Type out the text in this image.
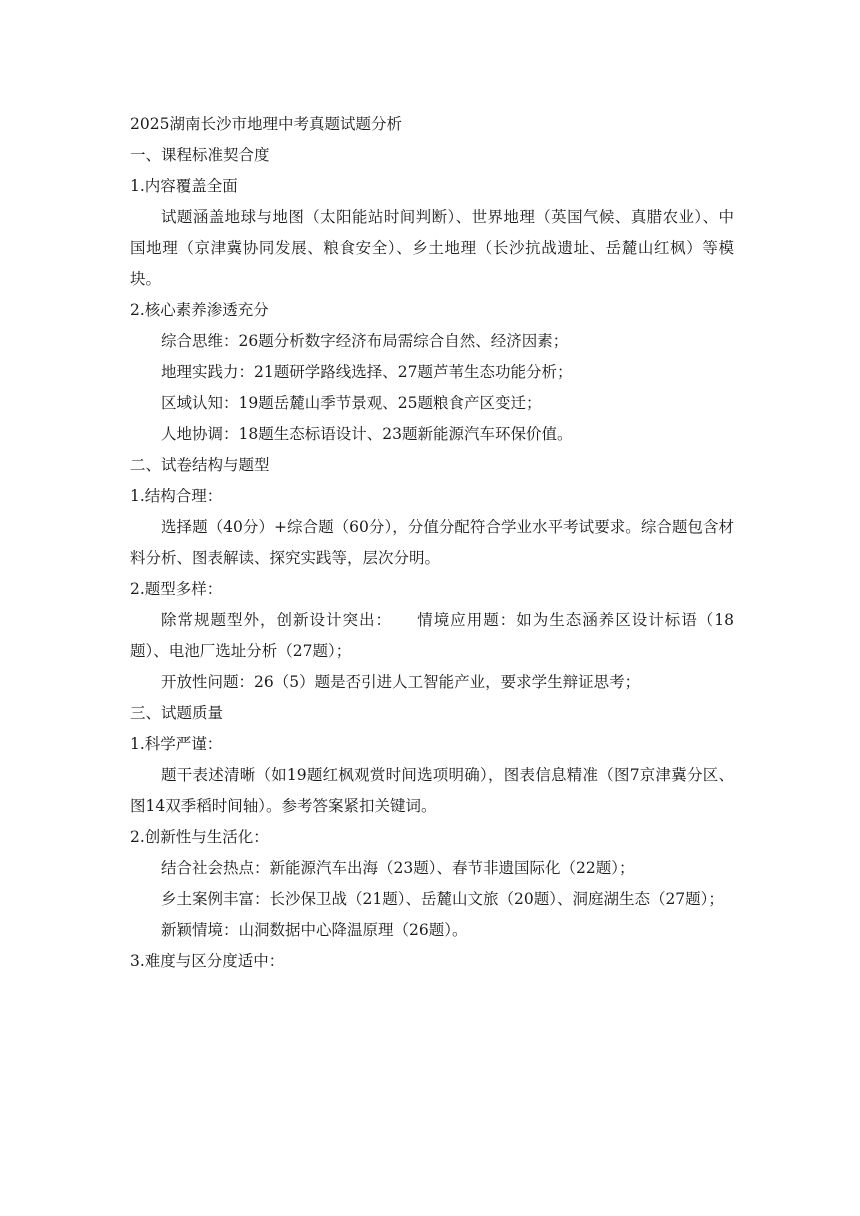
2025湖南长沙市地理中考真题试题分析

一、课程标准契合度

1.内容覆盖全面

试题涵盖地球与地图（太阳能站时间判断）、世界地理（英国气候、真腊农业）、中国地理（京津冀协同发展、粮食安全）、乡土地理（长沙抗战遗址、岳麓山红枫）等模块。

2.核心素养渗透充分

综合思维：26题分析数字经济布局需综合自然、经济因素；

地理实践力：21题研学路线选择、27题芦苇生态功能分析；

区域认知：19题岳麓山季节景观、25题粮食产区变迁；

人地协调：18题生态标语设计、23题新能源汽车环保价值。

二、试卷结构与题型

1.结构合理：

选择题（40分）+综合题（60分），分值分配符合学业水平考试要求。综合题包含材料分析、图表解读、探究实践等，层次分明。

2.题型多样：

除常规题型外，创新设计突出：　　情境应用题：如为生态涵养区设计标语（18题）、电池厂选址分析（27题）；

开放性问题：26（5）题是否引进人工智能产业，要求学生辩证思考；

三、试题质量

1.科学严谨：

题干表述清晰（如19题红枫观赏时间选项明确），图表信息精准（图7京津冀分区、图14双季稻时间轴）。参考答案紧扣关键词。

2.创新性与生活化：

结合社会热点：新能源汽车出海（23题）、春节非遗国际化（22题）；

乡土案例丰富：长沙保卫战（21题）、岳麓山文旅（20题）、洞庭湖生态（27题）；

新颖情境：山洞数据中心降温原理（26题）。

3.难度与区分度适中：
